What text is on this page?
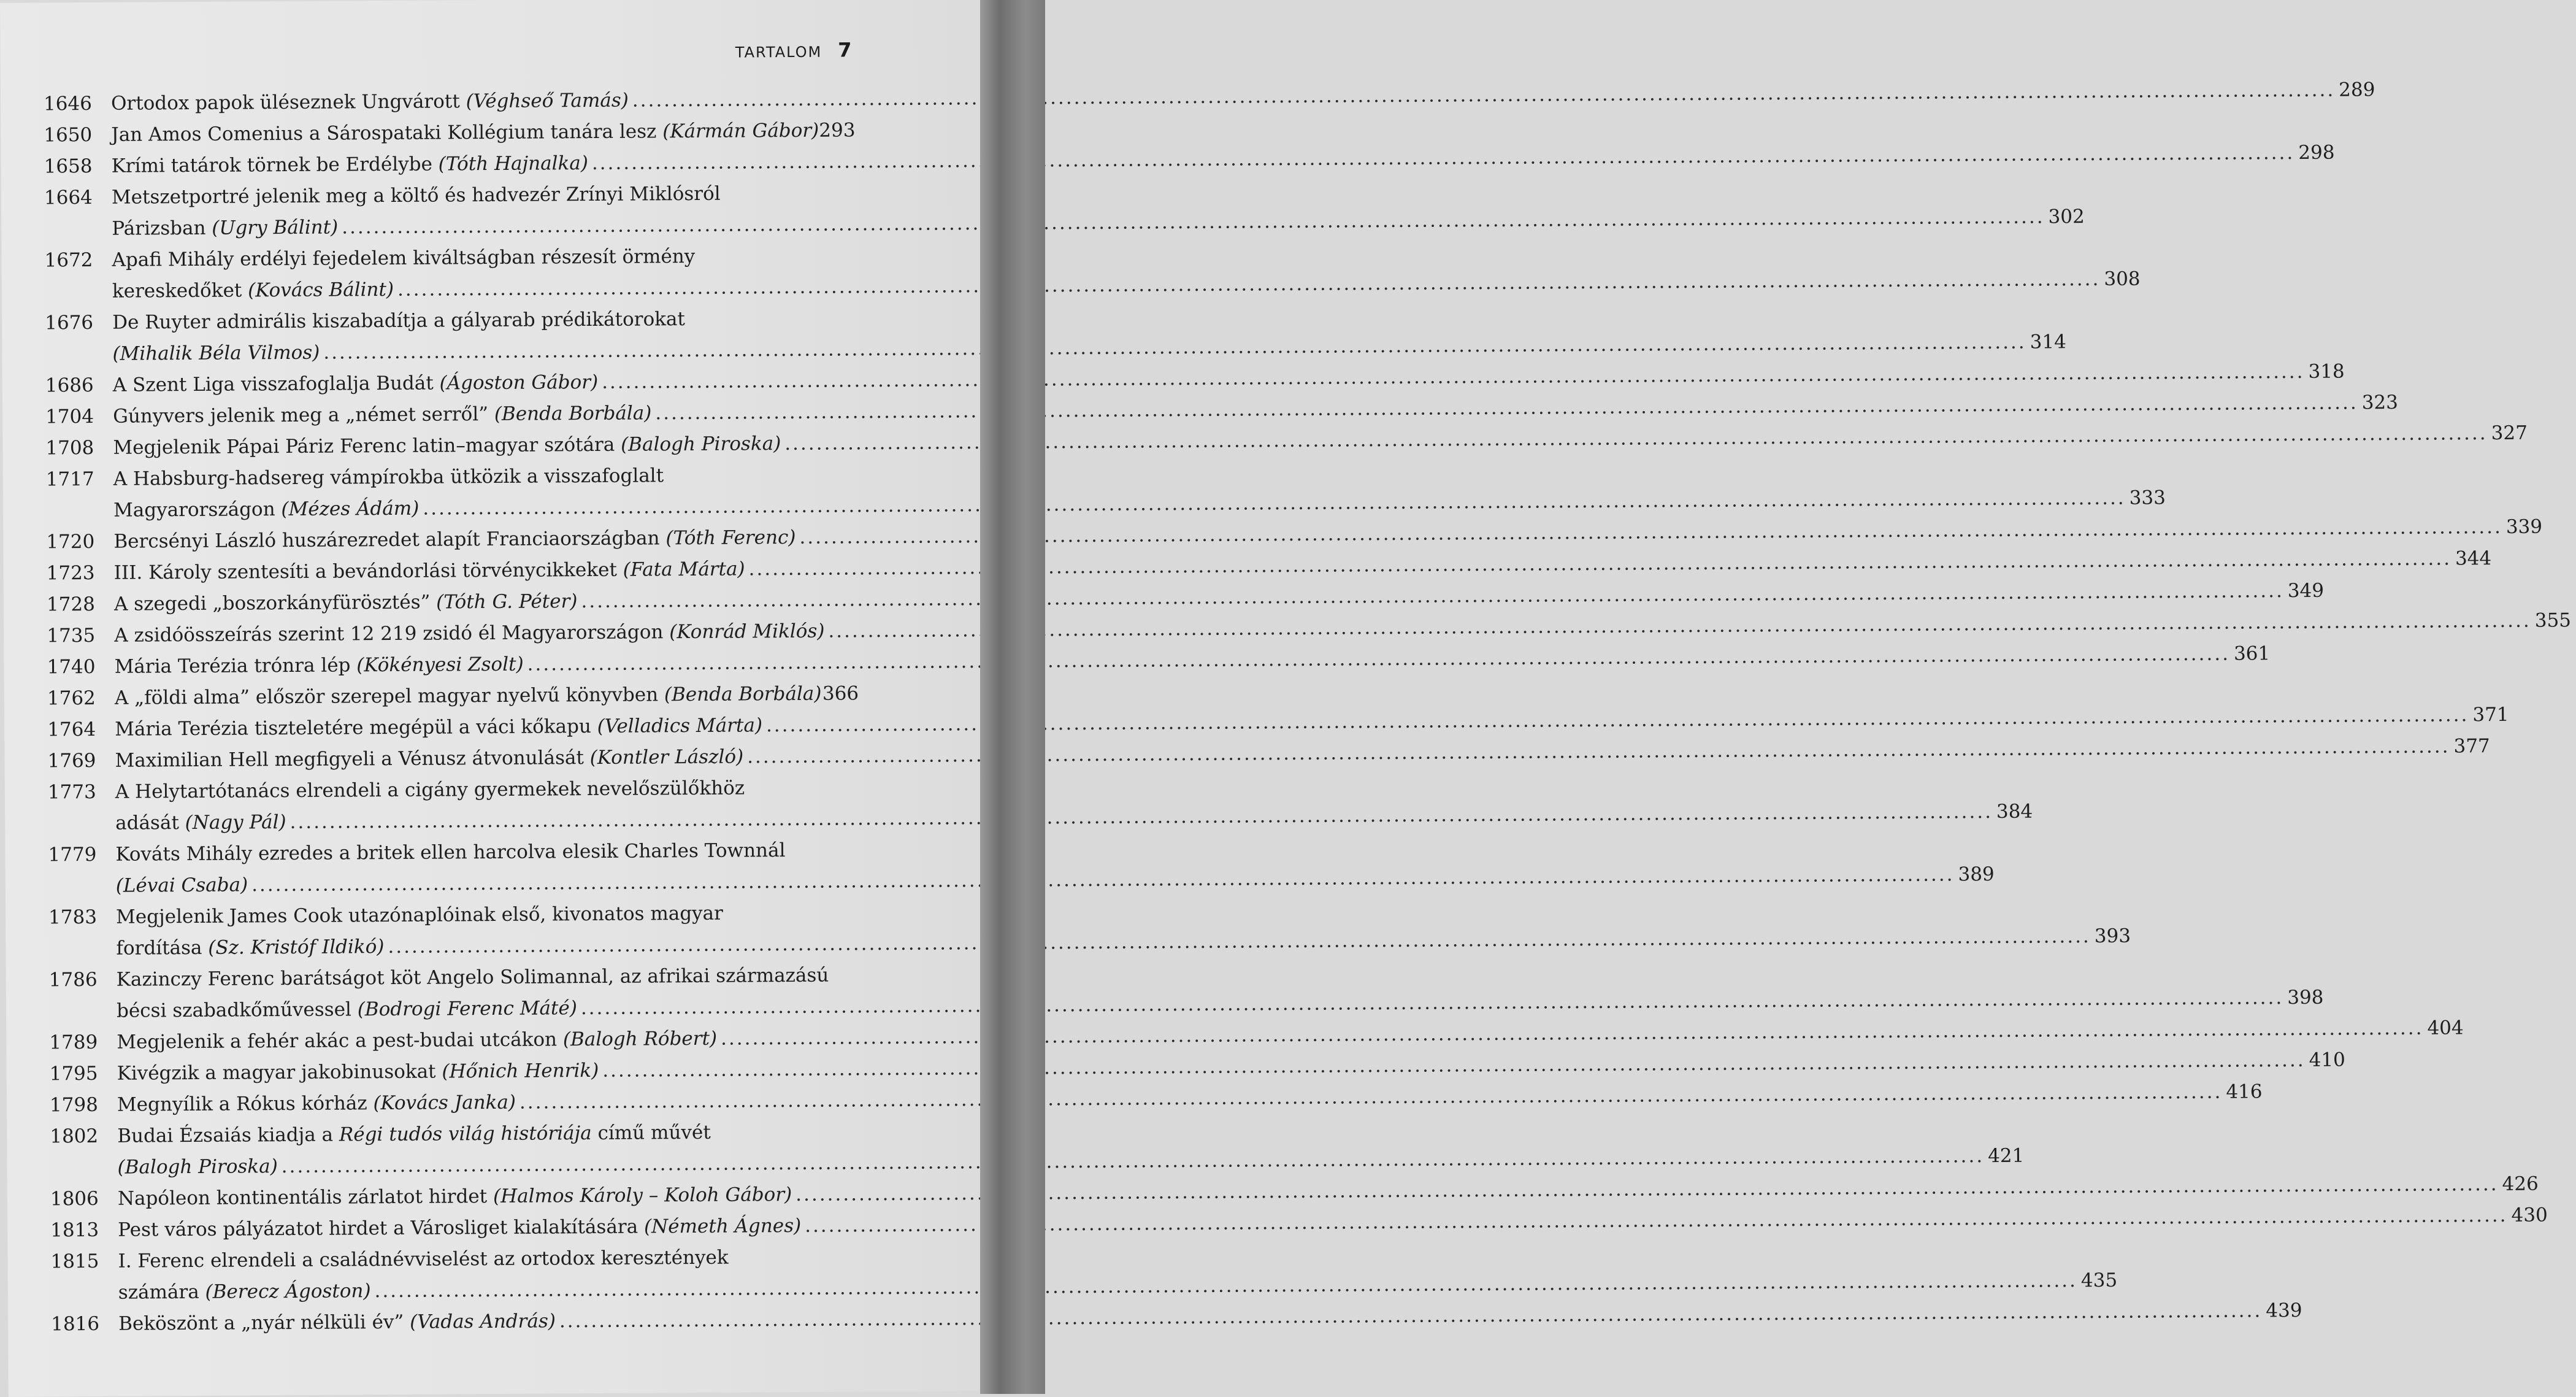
TARTALOM 7
1646 Ortodox papok üléseznek Ungvárott (Véghseő Tamás) .....	289
1650 Jan Amos Comenius a Sárospataki Kollégium tanára lesz (Kármán Gábor) 293
1658 Krími tatárok törnek be Erdélybe (Tóth Hajnalka) .....	298
1664 Metszetportré jelenik meg a költő és hadvezér Zrínyi Miklósról
Párizsban (Ugry Bálint) .....	302
1672 Apafi Mihály erdélyi fejedelem kiváltságban részesít örmény
kereskedőket (Kovács Bálint) .....	308
1676 De Ruyter admirális kiszabadítja a gályarab prédikátorokat
(Mihalik Béla Vilmos) .....	314
1686 A Szent Liga visszafoglalja Budát (Ágoston Gábor) .....	318
1704 Gúnyvers jelenik meg a „német serről” (Benda Borbála) .....	323
1708 Megjelenik Pápai Páriz Ferenc latin–magyar szótára (Balogh Piroska) .....	327
1717 A Habsburg-hadsereg vámpírokba ütközik a visszafoglalt
Magyarországon (Mézes Ádám) .....	333
1720 Bercsényi László huszárezredet alapít Franciaországban (Tóth Ferenc) .....	339
1723 III. Károly szentesíti a bevándorlási törvénycikkeket (Fata Márta) .....	344
1728 A szegedi „boszorkányfürösztés” (Tóth G. Péter) .....	349
1735 A zsidóösszeírás szerint 12 219 zsidó él Magyarországon (Konrád Miklós) .....	355
1740 Mária Terézia trónra lép (Kökényesi Zsolt) .....	361
1762 A „földi alma” először szerepel magyar nyelvű könyvben (Benda Borbála) 366
1764 Mária Terézia tiszteletére megépül a váci kőkapu (Velladics Márta) .....	371
1769 Maximilian Hell megfigyeli a Vénusz átvonulását (Kontler László) .....	377
1773 A Helytartótanács elrendeli a cigány gyermekek nevelőszülőkhöz
adását (Nagy Pál) .....	384
1779 Kováts Mihály ezredes a britek ellen harcolva elesik Charles Townnál
(Lévai Csaba) .....	389
1783 Megjelenik James Cook utazónaplóinak első, kivonatos magyar
fordítása (Sz. Kristóf Ildikó) .....	393
1786 Kazinczy Ferenc barátságot köt Angelo Solimannal, az afrikai származású
bécsi szabadkőművessel (Bodrogi Ferenc Máté) .....	398
1789 Megjelenik a fehér akác a pest-budai utcákon (Balogh Róbert) .....	404
1795 Kivégzik a magyar jakobinusokat (Hőnich Henrik) .....	410
1798 Megnyílik a Rókus kórház (Kovács Janka) .....	416
1802 Budai Ézsaiás kiadja a Régi tudós világ históriája című művét
(Balogh Piroska) .....	421
1806 Napóleon kontinentális zárlatot hirdet (Halmos Károly – Koloh Gábor) .....	426
1813 Pest város pályázatot hirdet a Városliget kialakítására (Németh Ágnes) .....	430
1815 I. Ferenc elrendeli a családnévviselést az ortodox keresztények
számára (Berecz Ágoston) .....	435
1816 Beköszönt a „nyár nélküli év” (Vadas András) .....	439
